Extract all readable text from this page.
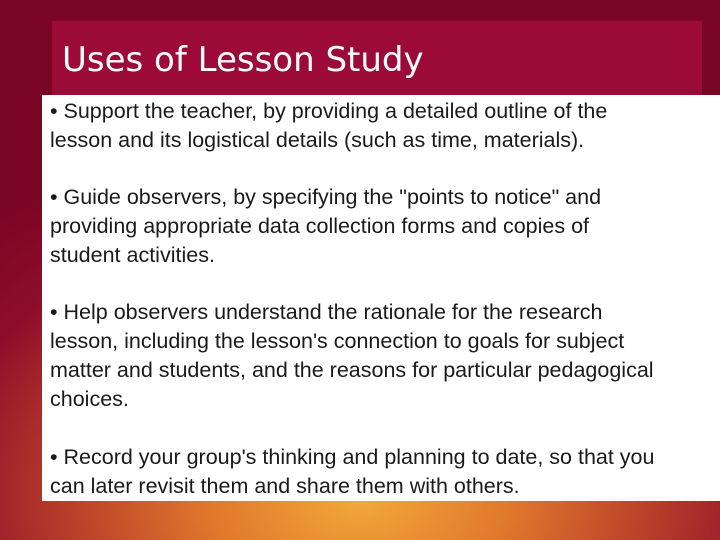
Uses of Lesson Study
• Support the teacher, by providing a detailed outline of the
lesson and its logistical details (such as time, materials).
• Guide observers, by specifying the "points to notice" and
providing appropriate data collection forms and copies of
student activities.
• Help observers understand the rationale for the research
lesson, including the lesson's connection to goals for subject
matter and students, and the reasons for particular pedagogical
choices.
• Record your group's thinking and planning to date, so that you
can later revisit them and share them with others.
